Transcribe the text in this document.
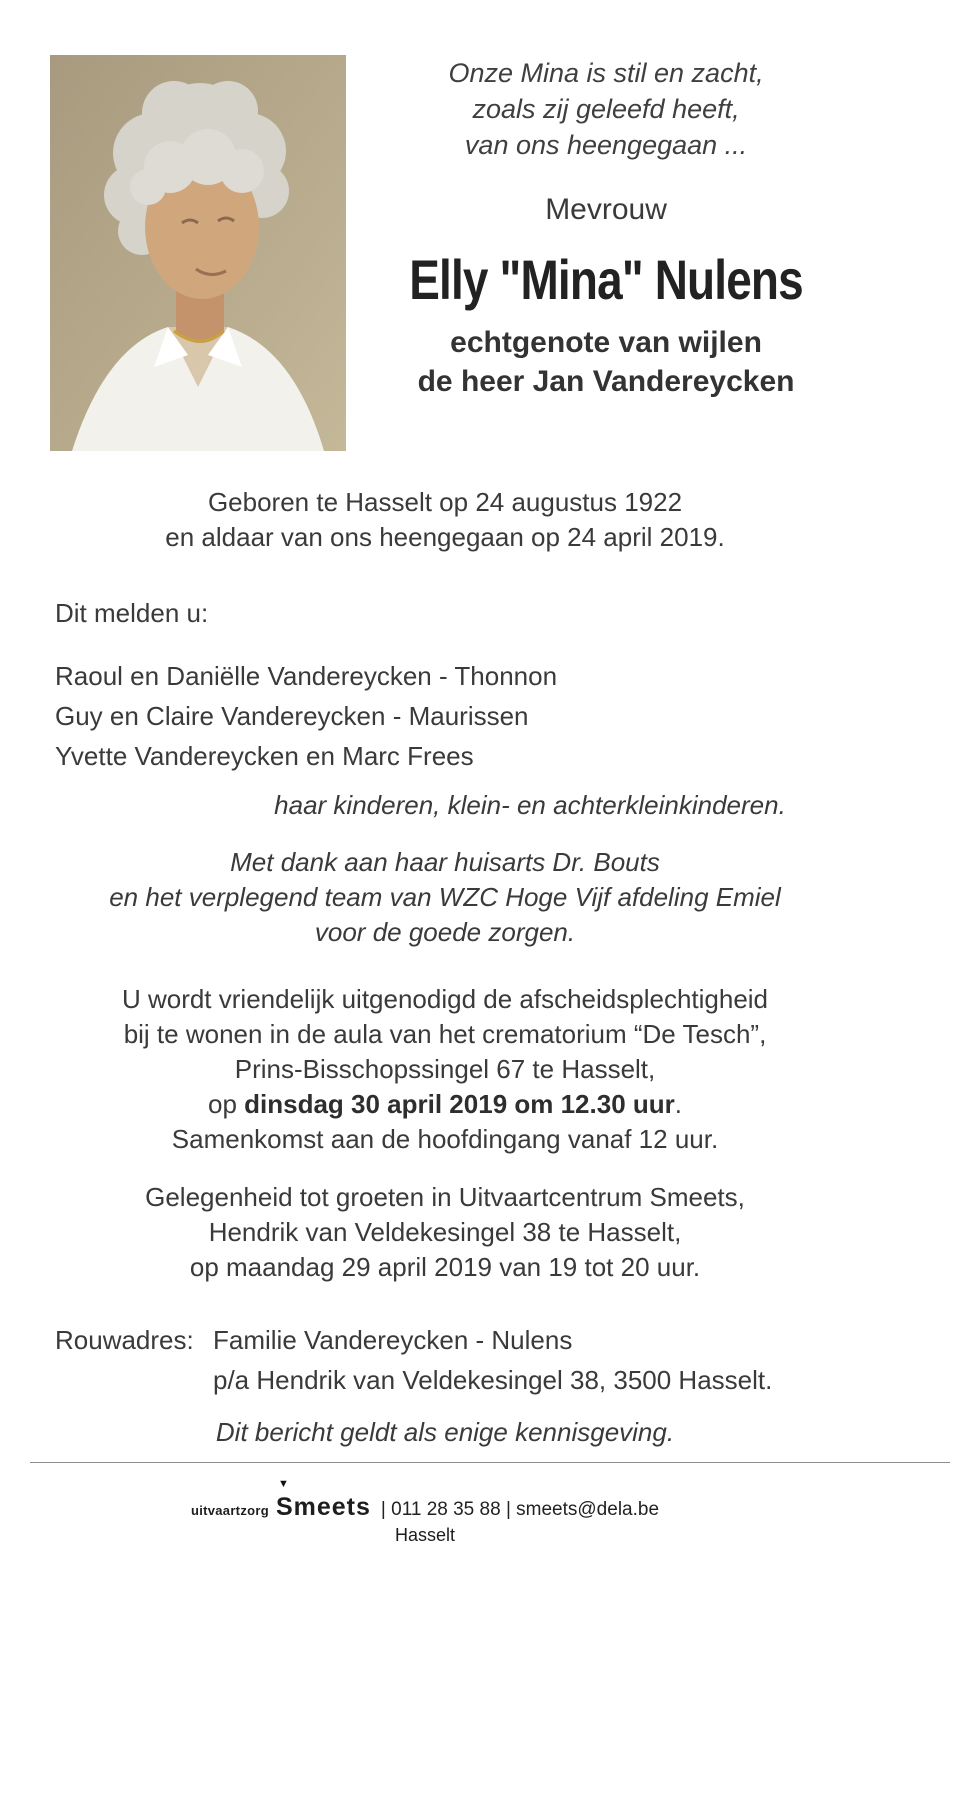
Onze Mina is stil en zacht,
zoals zij geleefd heeft,
van ons heengegaan ...
Mevrouw
Elly "Mina" Nulens
echtgenote van wijlen
de heer Jan Vandereycken
Geboren te Hasselt op 24 augustus 1922
en aldaar van ons heengegaan op 24 april 2019.

Dit melden u:

Raoul en Daniëlle Vandereycken - Thonnon
Guy en Claire Vandereycken - Maurissen
Yvette Vandereycken en Marc Frees
haar kinderen, klein- en achterkleinkinderen.
Met dank aan haar huisarts Dr. Bouts
en het verplegend team van WZC Hoge Vijf afdeling Emiel
voor de goede zorgen.
U wordt vriendelijk uitgenodigd de afscheidsplechtigheid
bij te wonen in de aula van het crematorium “De Tesch”,
Prins-Bisschopssingel 67 te Hasselt,
op dinsdag 30 april 2019 om 12.30 uur.
Samenkomst aan de hoofdingang vanaf 12 uur.
Gelegenheid tot groeten in Uitvaartcentrum Smeets,
Hendrik van Veldekesingel 38 te Hasselt,
op maandag 29 april 2019 van 19 tot 20 uur.
Rouwadres: Familie Vandereycken - Nulens
p/a Hendrik van Veldekesingel 38, 3500 Hasselt.
Dit bericht geldt als enige kennisgeving.
uitvaartzorg
▼
Smeets | 011 28 35 88 | smeets@dela.be
Hasselt
